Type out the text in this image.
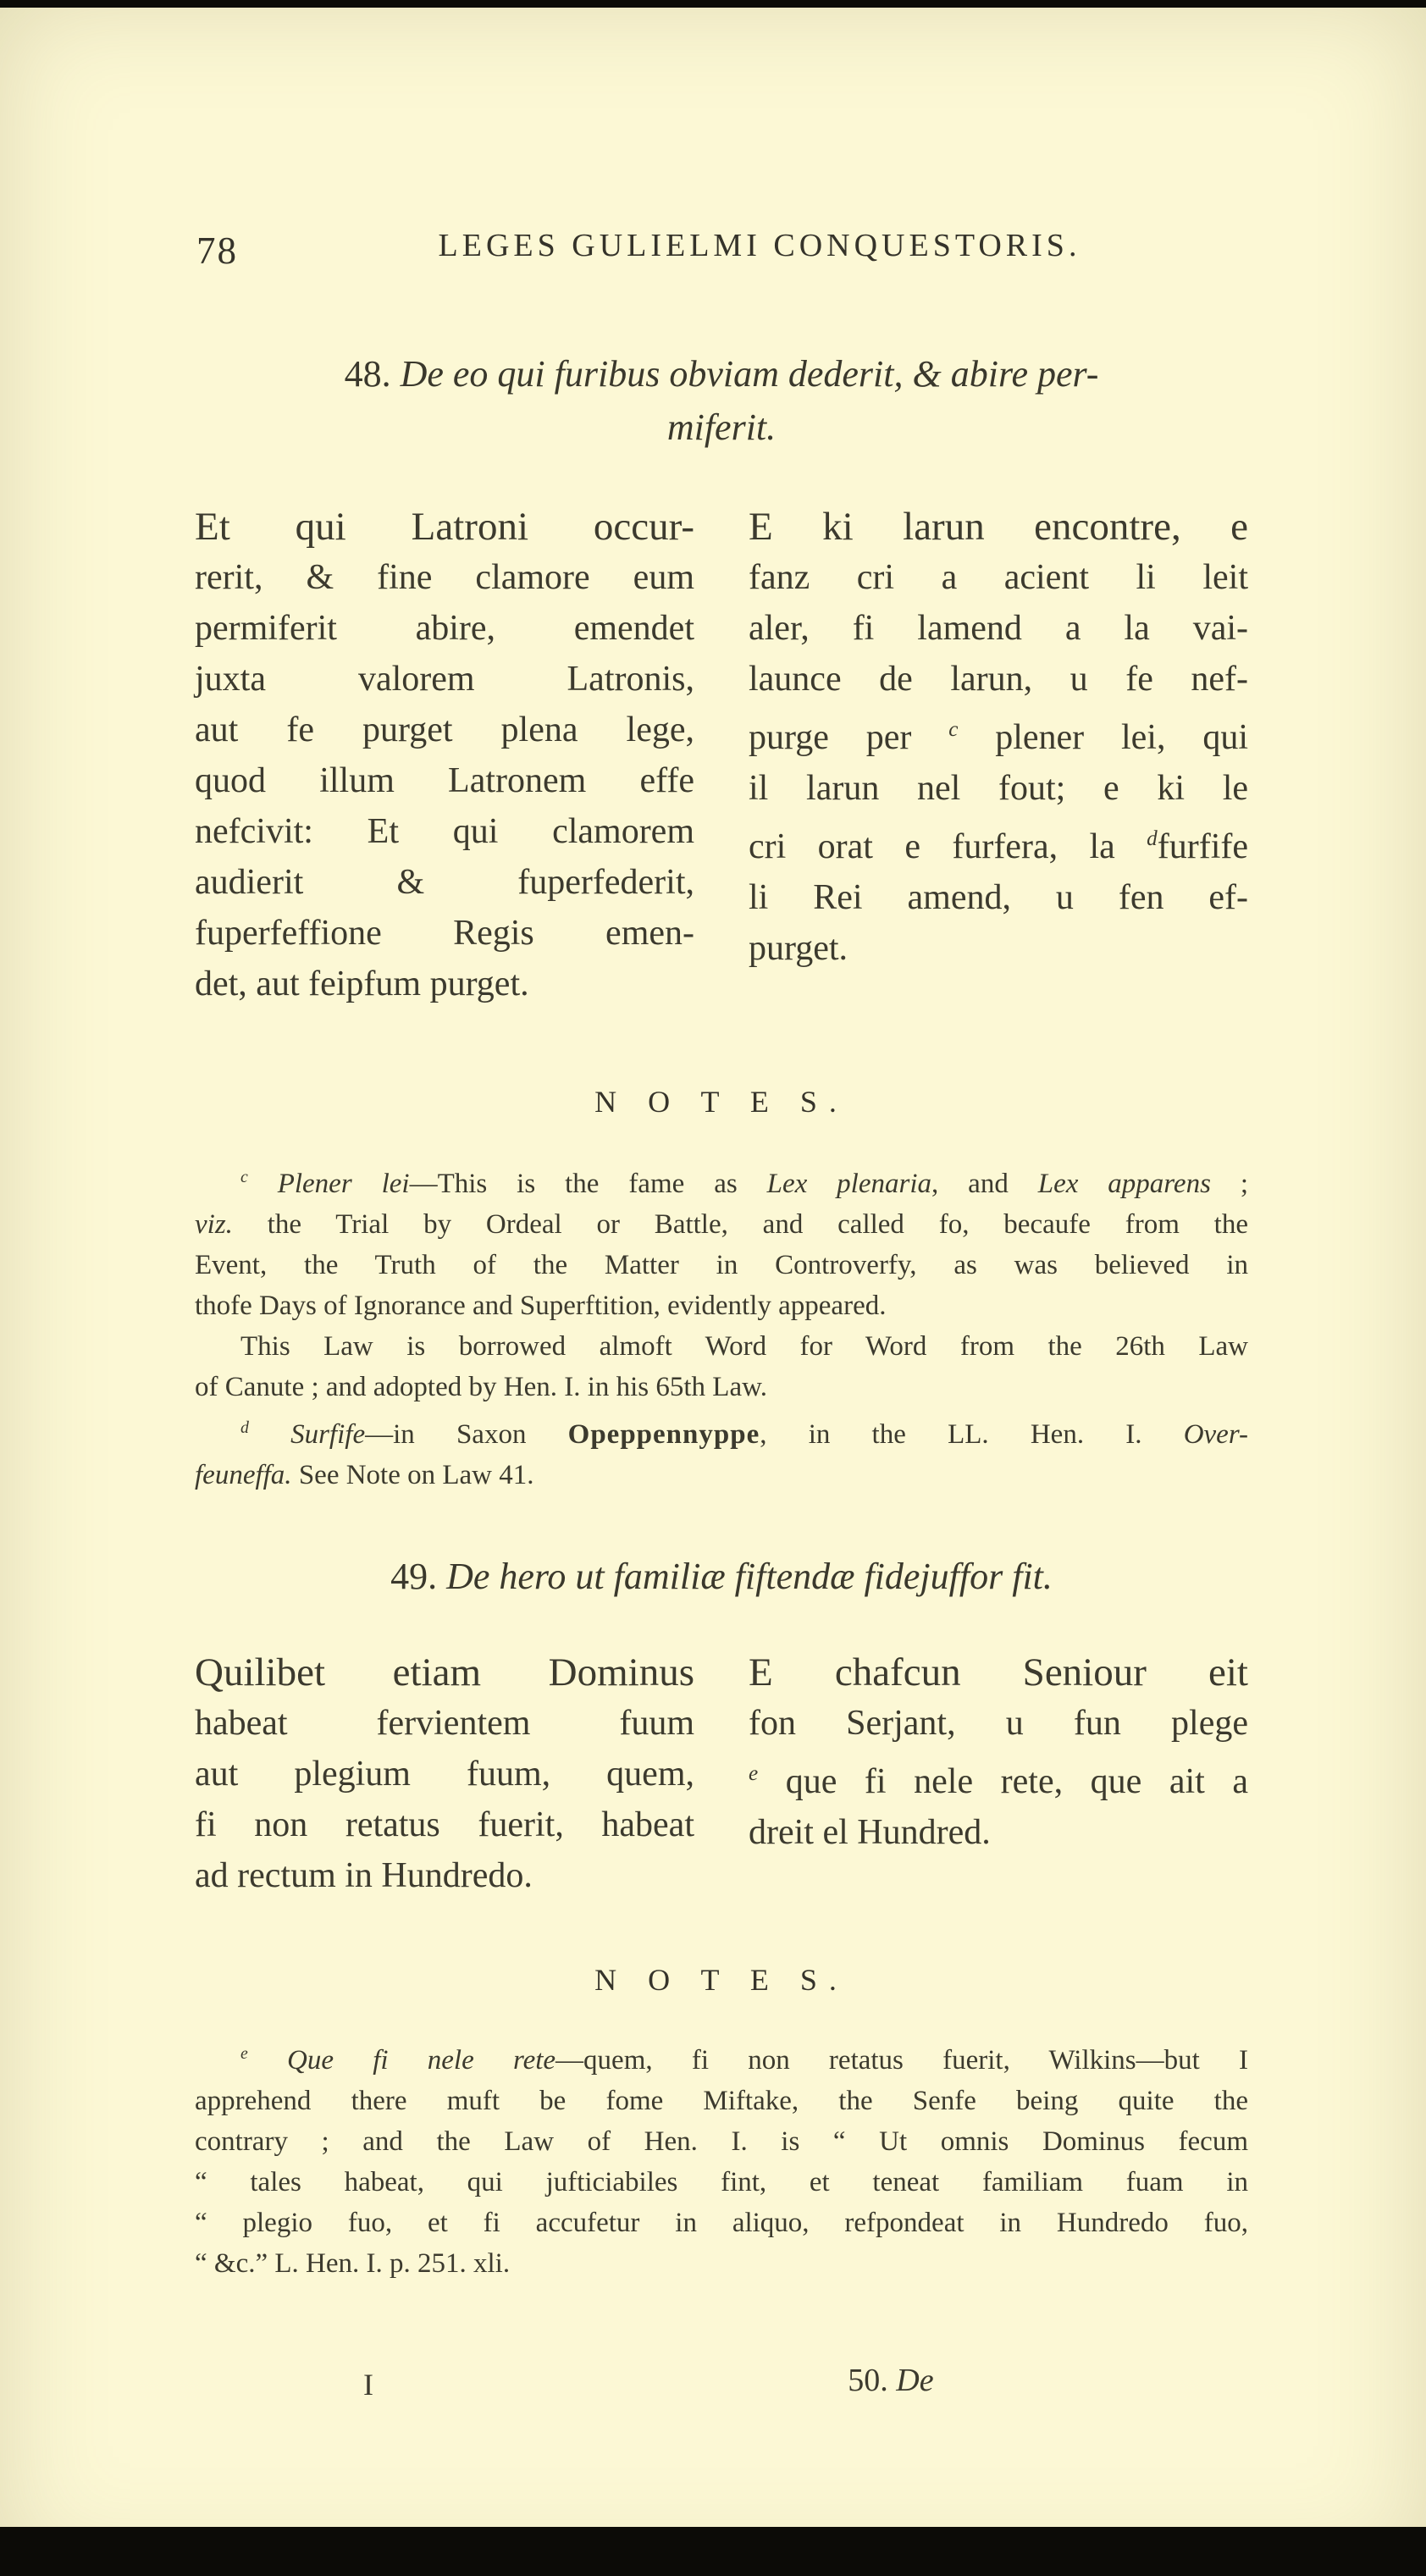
78	LEGES GULIELMI CONQUESTORIS.
48. De eo qui furibus obviam dederit, & abire per-
miferit.
Et qui Latroni occur-
rerit, & fine clamore eum
permiferit abire, emendet
juxta valorem Latronis,
aut fe purget plena lege,
quod illum Latronem effe
nefcivit: Et qui clamorem
audierit & fuperfederit,
fuperfeffione Regis emen-
det, aut feipfum purget.
E ki larun encontre, e
fanz cri a acient li leit
aler, fi lamend a la vai-
launce de larun, u fe nef-
purge per $^c$ plener lei, qui
il larun nel fout; e ki le
cri orat e furfera, la $^d$furfife
li Rei amend, u fen ef-
purget.
N O T E S.
$^c$ Plener lei—This is the fame as Lex plenaria, and Lex apparens ;
viz. the Trial by Ordeal or Battle, and called fo, becaufe from the
Event, the Truth of the Matter in Controverfy, as was believed in
thofe Days of Ignorance and Superftition, evidently appeared.
This Law is borrowed almoft Word for Word from the 26th Law
of Canute ; and adopted by Hen. I. in his 65th Law.
$^d$ Surfife—in Saxon Opeppennyppe, in the LL. Hen. I. Over-
feuneffa. See Note on Law 41.
49. De hero ut familiæ fiftendæ fidejuffor fit.
Quilibet etiam Dominus
habeat fervientem fuum
aut plegium fuum, quem,
fi non retatus fuerit, habeat
ad rectum in Hundredo.
E chafcun Seniour eit
fon Serjant, u fun plege
$^e$ que fi nele rete, que ait a
dreit el Hundred.
N O T E S.
$^e$ Que fi nele rete—quem, fi non retatus fuerit, Wilkins—but I
apprehend there muft be fome Miftake, the Senfe being quite the
contrary ; and the Law of Hen. I. is “ Ut omnis Dominus fecum
“ tales habeat, qui jufticiabiles fint, et teneat familiam fuam in
“ plegio fuo, et fi accufetur in aliquo, refpondeat in Hundredo fuo,
“ &c.” L. Hen. I. p. 251. xli.
I	50. De
